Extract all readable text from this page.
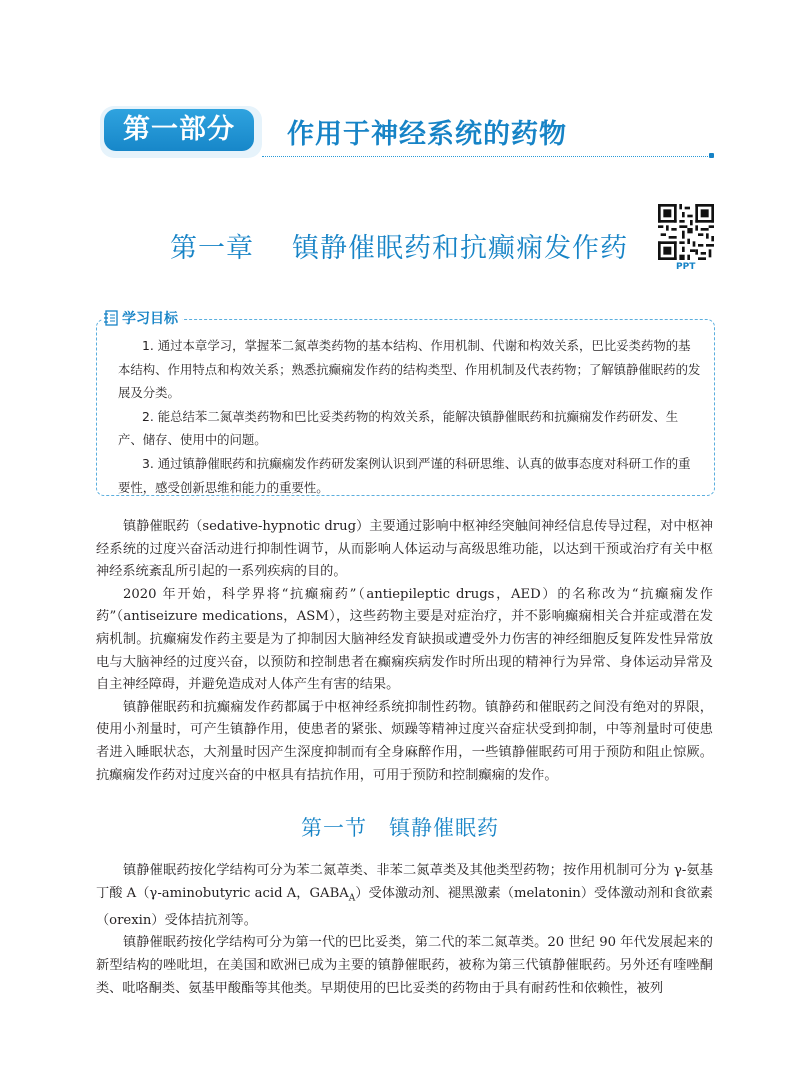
第一部分	作用于神经系统的药物
第一章 镇静催眠药和抗癫痫发作药
PPT
学习目标

1. 通过本章学习，掌握苯二氮䓬类药物的基本结构、作用机制、代谢和构效关系，巴比妥类药物的基本结构、作用特点和构效关系；熟悉抗癫痫发作药的结构类型、作用机制及代表药物；了解镇静催眠药的发展及分类。

2. 能总结苯二氮䓬类药物和巴比妥类药物的构效关系，能解决镇静催眠药和抗癫痫发作药研发、生产、储存、使用中的问题。

3. 通过镇静催眠药和抗癫痫发作药研发案例认识到严谨的科研思维、认真的做事态度对科研工作的重要性，感受创新思维和能力的重要性。

镇静催眠药（sedative-hypnotic drug）主要通过影响中枢神经突触间神经信息传导过程，对中枢神经系统的过度兴奋活动进行抑制性调节，从而影响人体运动与高级思维功能，以达到干预或治疗有关中枢神经系统紊乱所引起的一系列疾病的目的。

2020 年开始，科学界将“抗癫痫药”（antiepileptic drugs，AED）的名称改为“抗癫痫发作药”（antiseizure medications，ASM），这些药物主要是对症治疗，并不影响癫痫相关合并症或潜在发病机制。抗癫痫发作药主要是为了抑制因大脑神经发育缺损或遭受外力伤害的神经细胞反复阵发性异常放电与大脑神经的过度兴奋，以预防和控制患者在癫痫疾病发作时所出现的精神行为异常、身体运动异常及自主神经障碍，并避免造成对人体产生有害的结果。

镇静催眠药和抗癫痫发作药都属于中枢神经系统抑制性药物。镇静药和催眠药之间没有绝对的界限，使用小剂量时，可产生镇静作用，使患者的紧张、烦躁等精神过度兴奋症状受到抑制，中等剂量时可使患者进入睡眠状态，大剂量时因产生深度抑制而有全身麻醉作用，一些镇静催眠药可用于预防和阻止惊厥。抗癫痫发作药对过度兴奋的中枢具有拮抗作用，可用于预防和控制癫痫的发作。

第一节 镇静催眠药

镇静催眠药按化学结构可分为苯二氮䓬类、非苯二氮䓬类及其他类型药物；按作用机制可分为 γ-氨基丁酸 A（γ-aminobutyric acid A，$GABA_A$）受体激动剂、褪黑激素（melatonin）受体激动剂和食欲素（orexin）受体拮抗剂等。

镇静催眠药按化学结构可分为第一代的巴比妥类，第二代的苯二氮䓬类。20 世纪 90 年代发展起来的新型结构的唑吡坦，在美国和欧洲已成为主要的镇静催眠药，被称为第三代镇静催眠药。另外还有喹唑酮类、吡咯酮类、氨基甲酸酯等其他类。早期使用的巴比妥类的药物由于具有耐药性和依赖性，被列
